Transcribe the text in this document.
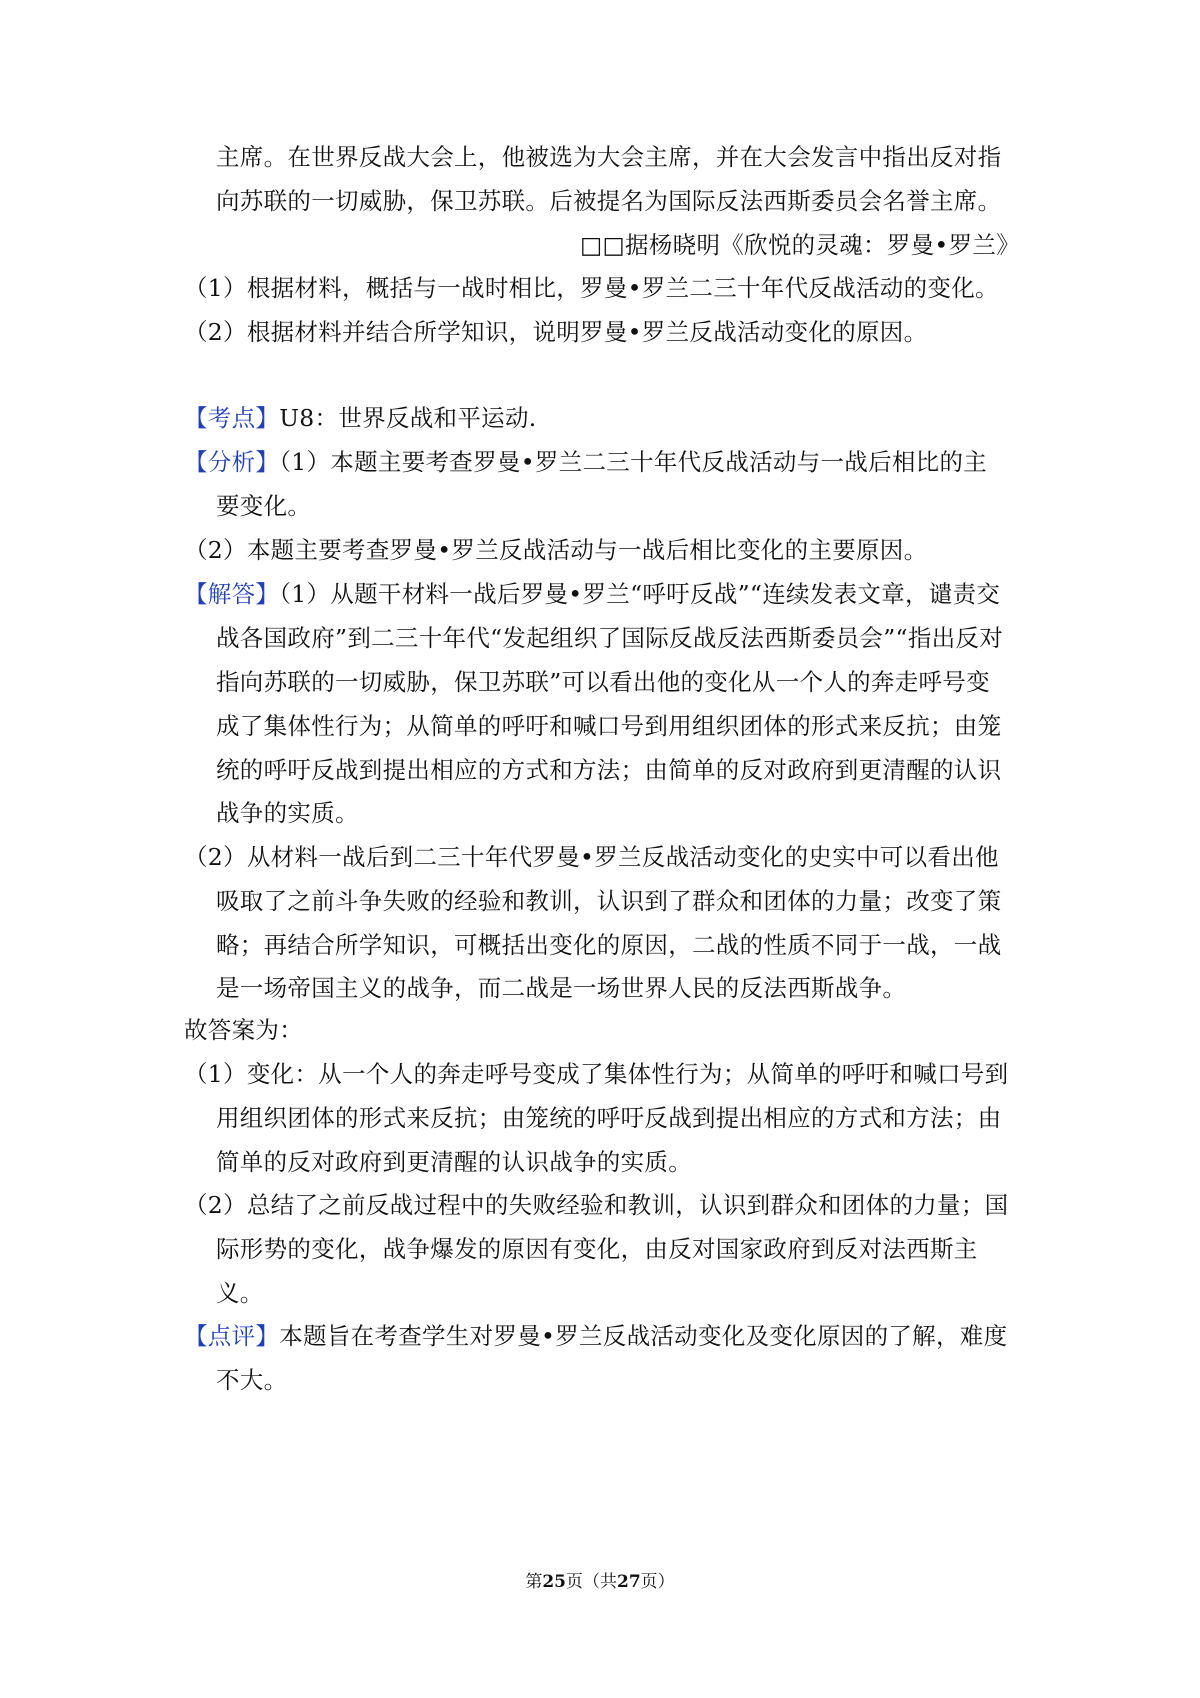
主席。在世界反战大会上，他被选为大会主席，并在大会发言中指出反对指
向苏联的一切威胁，保卫苏联。后被提名为国际反法西斯委员会名誉主席。
□□据杨晓明《欣悦的灵魂：罗曼•罗兰》
（1）根据材料，概括与一战时相比，罗曼•罗兰二三十年代反战活动的变化。
（2）根据材料并结合所学知识，说明罗曼•罗兰反战活动变化的原因。
【考点】U8：世界反战和平运动.
【分析】（1）本题主要考查罗曼•罗兰二三十年代反战活动与一战后相比的主
要变化。
（2）本题主要考查罗曼•罗兰反战活动与一战后相比变化的主要原因。
【解答】（1）从题干材料一战后罗曼•罗兰“呼吁反战”“连续发表文章，谴责交
战各国政府”到二三十年代“发起组织了国际反战反法西斯委员会”“指出反对
指向苏联的一切威胁，保卫苏联”可以看出他的变化从一个人的奔走呼号变
成了集体性行为；从简单的呼吁和喊口号到用组织团体的形式来反抗；由笼
统的呼吁反战到提出相应的方式和方法；由简单的反对政府到更清醒的认识
战争的实质。
（2）从材料一战后到二三十年代罗曼•罗兰反战活动变化的史实中可以看出他
吸取了之前斗争失败的经验和教训，认识到了群众和团体的力量；改变了策
略；再结合所学知识，可概括出变化的原因，二战的性质不同于一战，一战
是一场帝国主义的战争，而二战是一场世界人民的反法西斯战争。
故答案为：
（1）变化：从一个人的奔走呼号变成了集体性行为；从简单的呼吁和喊口号到
用组织团体的形式来反抗；由笼统的呼吁反战到提出相应的方式和方法；由
简单的反对政府到更清醒的认识战争的实质。
（2）总结了之前反战过程中的失败经验和教训，认识到群众和团体的力量；国
际形势的变化，战争爆发的原因有变化，由反对国家政府到反对法西斯主
义。
【点评】本题旨在考查学生对罗曼•罗兰反战活动变化及变化原因的了解，难度
不大。
第25页（共27页）
